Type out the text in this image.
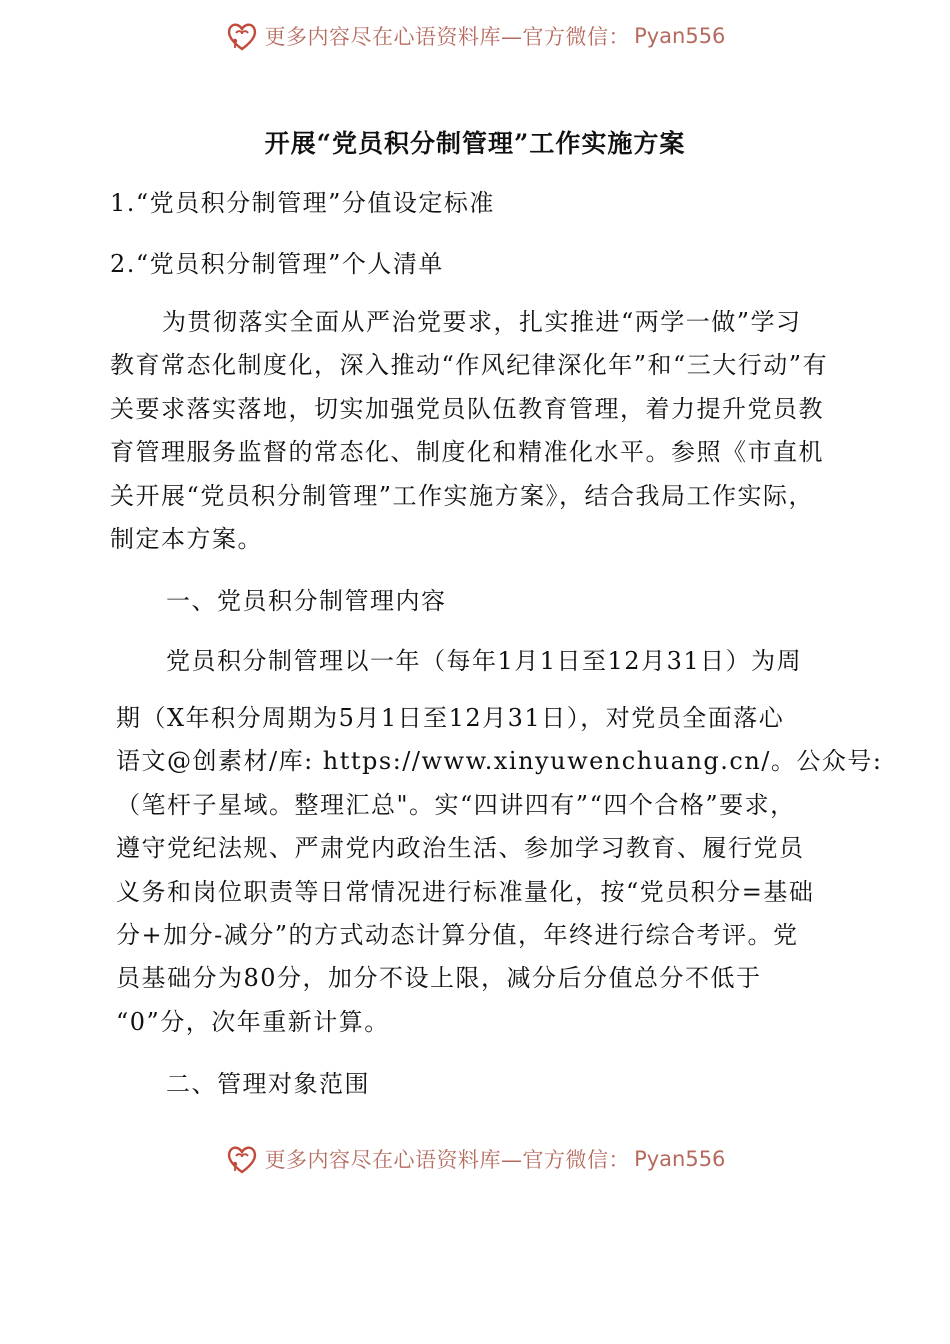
更多内容尽在心语资料库—官方微信： Pyan556
开展“党员积分制管理”工作实施方案
1.“党员积分制管理”分值设定标准
2.“党员积分制管理”个人清单
为贯彻落实全面从严治党要求，扎实推进“两学一做”学习
教育常态化制度化，深入推动“作风纪律深化年”和“三大行动”有
关要求落实落地，切实加强党员队伍教育管理，着力提升党员教
育管理服务监督的常态化、制度化和精准化水平。参照《市直机
关开展“党员积分制管理”工作实施方案》，结合我局工作实际，
制定本方案。
一、党员积分制管理内容
党员积分制管理以一年（每年1月1日至12月31日）为周
期（X年积分周期为5月1日至12月31日），对党员全面落心
语文@创素材/库: https://www.xinyuwenchuang.cn/。公众号:
（笔杆子星域。整理汇总"。实“四讲四有”“四个合格”要求，
遵守党纪法规、严肃党内政治生活、参加学习教育、履行党员
义务和岗位职责等日常情况进行标准量化，按“党员积分=基础
分+加分-减分”的方式动态计算分值，年终进行综合考评。党
员基础分为80分，加分不设上限，减分后分值总分不低于
“0”分，次年重新计算。
二、管理对象范围
更多内容尽在心语资料库—官方微信： Pyan556
